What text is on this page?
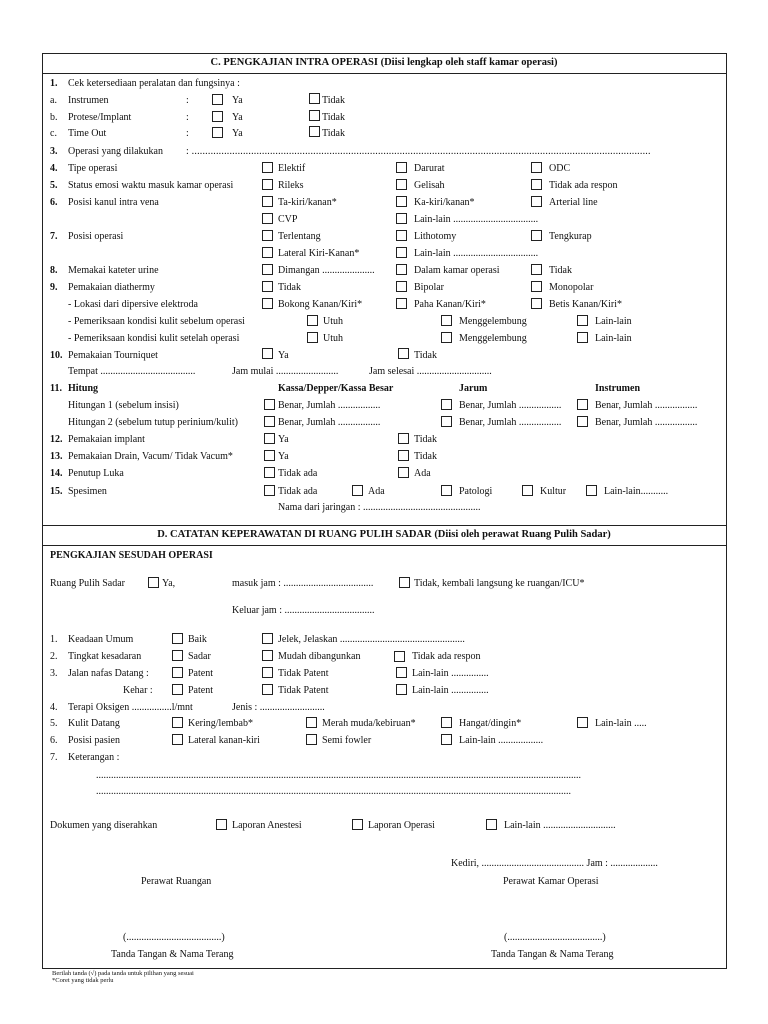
C. PENGKAJIAN INTRA OPERASI (Diisi lengkap oleh staff kamar operasi)
1. Cek ketersediaan peralatan dan fungsinya :
a. Instrumen	:	Ya	Tidak
b. Protese/Implant	:	Ya	Tidak
c. Time Out	:	Ya	Tidak
3. Operasi yang dilakukan : ..........................................................................................................................................................................
4. Tipe operasi	Elektif	Darurat	ODC
5. Status emosi waktu masuk kamar operasi	Rileks	Gelisah	Tidak ada respon
6. Posisi kanul intra vena	Ta-kiri/kanan*	Ka-kiri/kanan*	Arterial line
CVP	Lain-lain ..................................
7. Posisi operasi	Terlentang	Lithotomy	Tengkurap
Lateral Kiri-Kanan*	Lain-lain ..................................
8. Memakai kateter urine	Dimangan .....................	Dalam kamar operasi	Tidak
9. Pemakaian diathermy	Tidak	Bipolar	Monopolar
- Lokasi dari dipersive elektroda	Bokong Kanan/Kiri*	Paha Kanan/Kiri*	Betis Kanan/Kiri*
- Pemeriksaan kondisi kulit sebelum operasi	Utuh	Menggelembung	Lain-lain
- Pemeriksaan kondisi kulit setelah operasi	Utuh	Menggelembung	Lain-lain
10. Pemakaian Tourniquet	Ya	Tidak
Tempat ......................................	Jam mulai .........................	Jam selesai ..............................
11. Hitung	Kassa/Depper/Kassa Besar	Jarum	Instrumen
Hitungan 1 (sebelum insisi)	Benar, Jumlah .................	Benar, Jumlah .................	Benar, Jumlah .................
Hitungan 2 (sebelum tutup perinium/kulit)	Benar, Jumlah .................	Benar, Jumlah .................	Benar, Jumlah .................
12. Pemakaian implant	Ya	Tidak
13. Pemakaian Drain, Vacum/ Tidak Vacum*	Ya	Tidak
14. Penutup Luka	Tidak ada	Ada
15. Spesimen	Tidak ada	Ada	Patologi	Kultur	Lain-lain...........
Nama dari jaringan : ...............................................
D. CATATAN KEPERAWATAN DI RUANG PULIH SADAR (Diisi oleh perawat Ruang Pulih Sadar)
PENGKAJIAN SESUDAH OPERASI
Ruang Pulih Sadar	Ya,	masuk jam : ....................................	Tidak, kembali langsung ke ruangan/ICU*
Keluar jam : ....................................
1. Keadaan Umum	Baik	Jelek, Jelaskan ..................................................
2. Tingkat kesadaran	Sadar	Mudah dibangunkan	Tidak ada respon
3. Jalan nafas Datang :	Patent	Tidak Patent	Lain-lain ...............
Kehar :	Patent	Tidak Patent	Lain-lain ...............
4. Terapi Oksigen ................l/mnt	Jenis : ..........................
5. Kulit Datang	Kering/lembab*	Merah muda/kebiruan*	Hangat/dingin*	Lain-lain .....
6. Posisi pasien	Lateral kanan-kiri	Semi fowler	Lain-lain ..................
7. Keterangan :
..................................................................................................................................................................................................
..............................................................................................................................................................................................
Dokumen yang diserahkan	Laporan Anestesi	Laporan Operasi	Lain-lain .............................
Kediri, ......................................... Jam : ...................
Perawat Ruangan	Perawat Kamar Operasi
(......................................)	(......................................)
Tanda Tangan & Nama Terang	Tanda Tangan & Nama Terang
Berilah tanda (√) pada tanda untuk pilihan yang sesuai
*Coret yang tidak perlu
